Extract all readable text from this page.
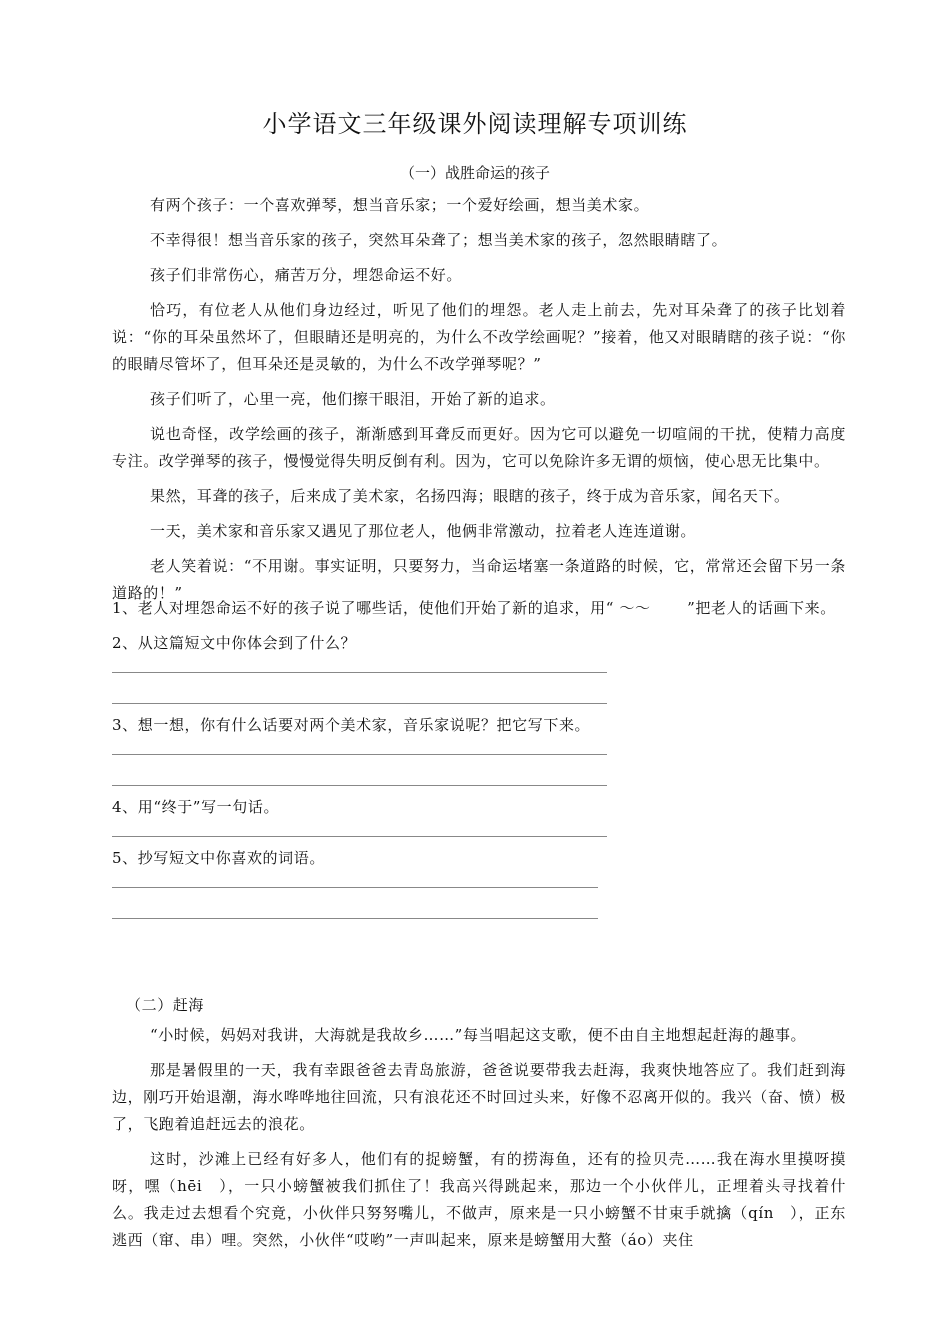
小学语文三年级课外阅读理解专项训练
（一）战胜命运的孩子

有两个孩子：一个喜欢弹琴，想当音乐家；一个爱好绘画，想当美术家。

不幸得很！想当音乐家的孩子，突然耳朵聋了；想当美术家的孩子，忽然眼睛瞎了。

孩子们非常伤心，痛苦万分，埋怨命运不好。

恰巧，有位老人从他们身边经过，听见了他们的埋怨。老人走上前去，先对耳朵聋了的孩子比划着说：“你的耳朵虽然坏了，但眼睛还是明亮的，为什么不改学绘画呢？”接着，他又对眼睛瞎的孩子说：“你的眼睛尽管坏了，但耳朵还是灵敏的，为什么不改学弹琴呢？”

孩子们听了，心里一亮，他们擦干眼泪，开始了新的追求。

说也奇怪，改学绘画的孩子，渐渐感到耳聋反而更好。因为它可以避免一切喧闹的干扰，使精力高度专注。改学弹琴的孩子，慢慢觉得失明反倒有利。因为，它可以免除许多无谓的烦恼，使心思无比集中。

果然，耳聋的孩子，后来成了美术家，名扬四海；眼瞎的孩子，终于成为音乐家，闻名天下。

一天，美术家和音乐家又遇见了那位老人，他俩非常激动，拉着老人连连道谢。

老人笑着说：“不用谢。事实证明，只要努力，当命运堵塞一条道路的时候，它，常常还会留下另一条道路的！”

1、老人对埋怨命运不好的孩子说了哪些话，使他们开始了新的追求，用“ ～～ 　　”把老人的话画下来。

2、从这篇短文中你体会到了什么？

3、想一想，你有什么话要对两个美术家，音乐家说呢？把它写下来。

4、用“终于”写一句话。

5、抄写短文中你喜欢的词语。

（二）赶海

“小时候，妈妈对我讲，大海就是我故乡……”每当唱起这支歌，便不由自主地想起赶海的趣事。

那是暑假里的一天，我有幸跟爸爸去青岛旅游，爸爸说要带我去赶海，我爽快地答应了。我们赶到海边，刚巧开始退潮，海水哗哗地往回流，只有浪花还不时回过头来，好像不忍离开似的。我兴（奋、愤）极了，飞跑着追赶远去的浪花。

这时，沙滩上已经有好多人，他们有的捉螃蟹，有的捞海鱼，还有的捡贝壳……我在海水里摸呀摸呀，嘿（hēi　），一只小螃蟹被我们抓住了！我高兴得跳起来，那边一个小伙伴儿，正埋着头寻找着什么。我走过去想看个究竟，小伙伴只努努嘴儿，不做声，原来是一只小螃蟹不甘束手就擒（qín　），正东逃西（窜、串）哩。突然，小伙伴“哎哟”一声叫起来，原来是螃蟹用大螯（áo）夹住
